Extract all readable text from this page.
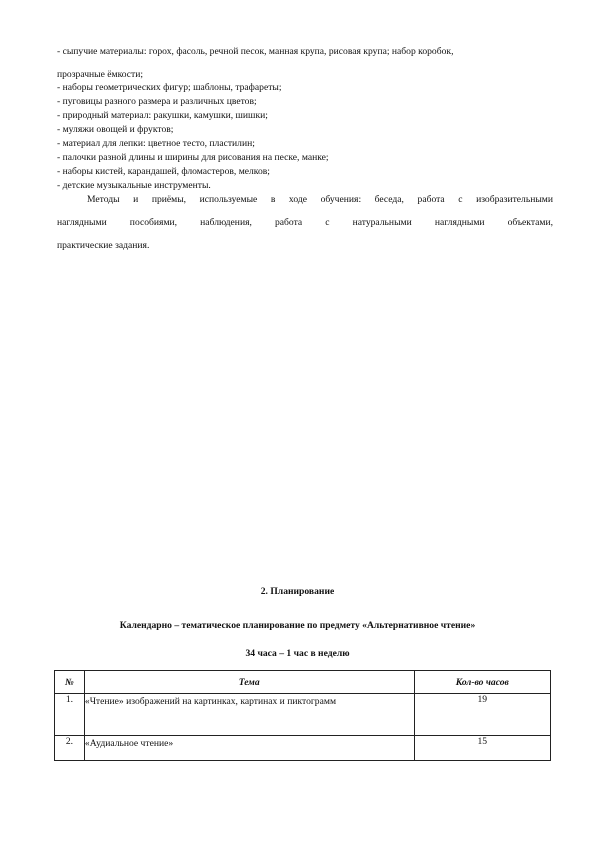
- сыпучие материалы: горох, фасоль, речной песок, манная крупа, рисовая крупа; набор коробок,
прозрачные ёмкости;
- наборы геометрических фигур; шаблоны, трафареты;
- пуговицы разного размера и различных цветов;
- природный материал: ракушки, камушки, шишки;
- муляжи овощей и фруктов;
- материал для лепки: цветное тесто, пластилин;
- палочки разной длины и ширины для рисования на песке, манке;
- наборы кистей, карандашей, фломастеров, мелков;
- детские музыкальные инструменты.
Методы и приёмы, используемые в ходе обучения: беседа, работа с изобразительными
наглядными пособиями, наблюдения, работа с натуральными наглядными объектами,
практические задания.
2. Планирование
Календарно – тематическое планирование по предмету «Альтернативное чтение»
34 часа – 1 час в неделю
№	Тема	Кол-во часов
1.	«Чтение» изображений на картинках, картинах и пиктограмм	19
2.	«Аудиальное чтение»	15
